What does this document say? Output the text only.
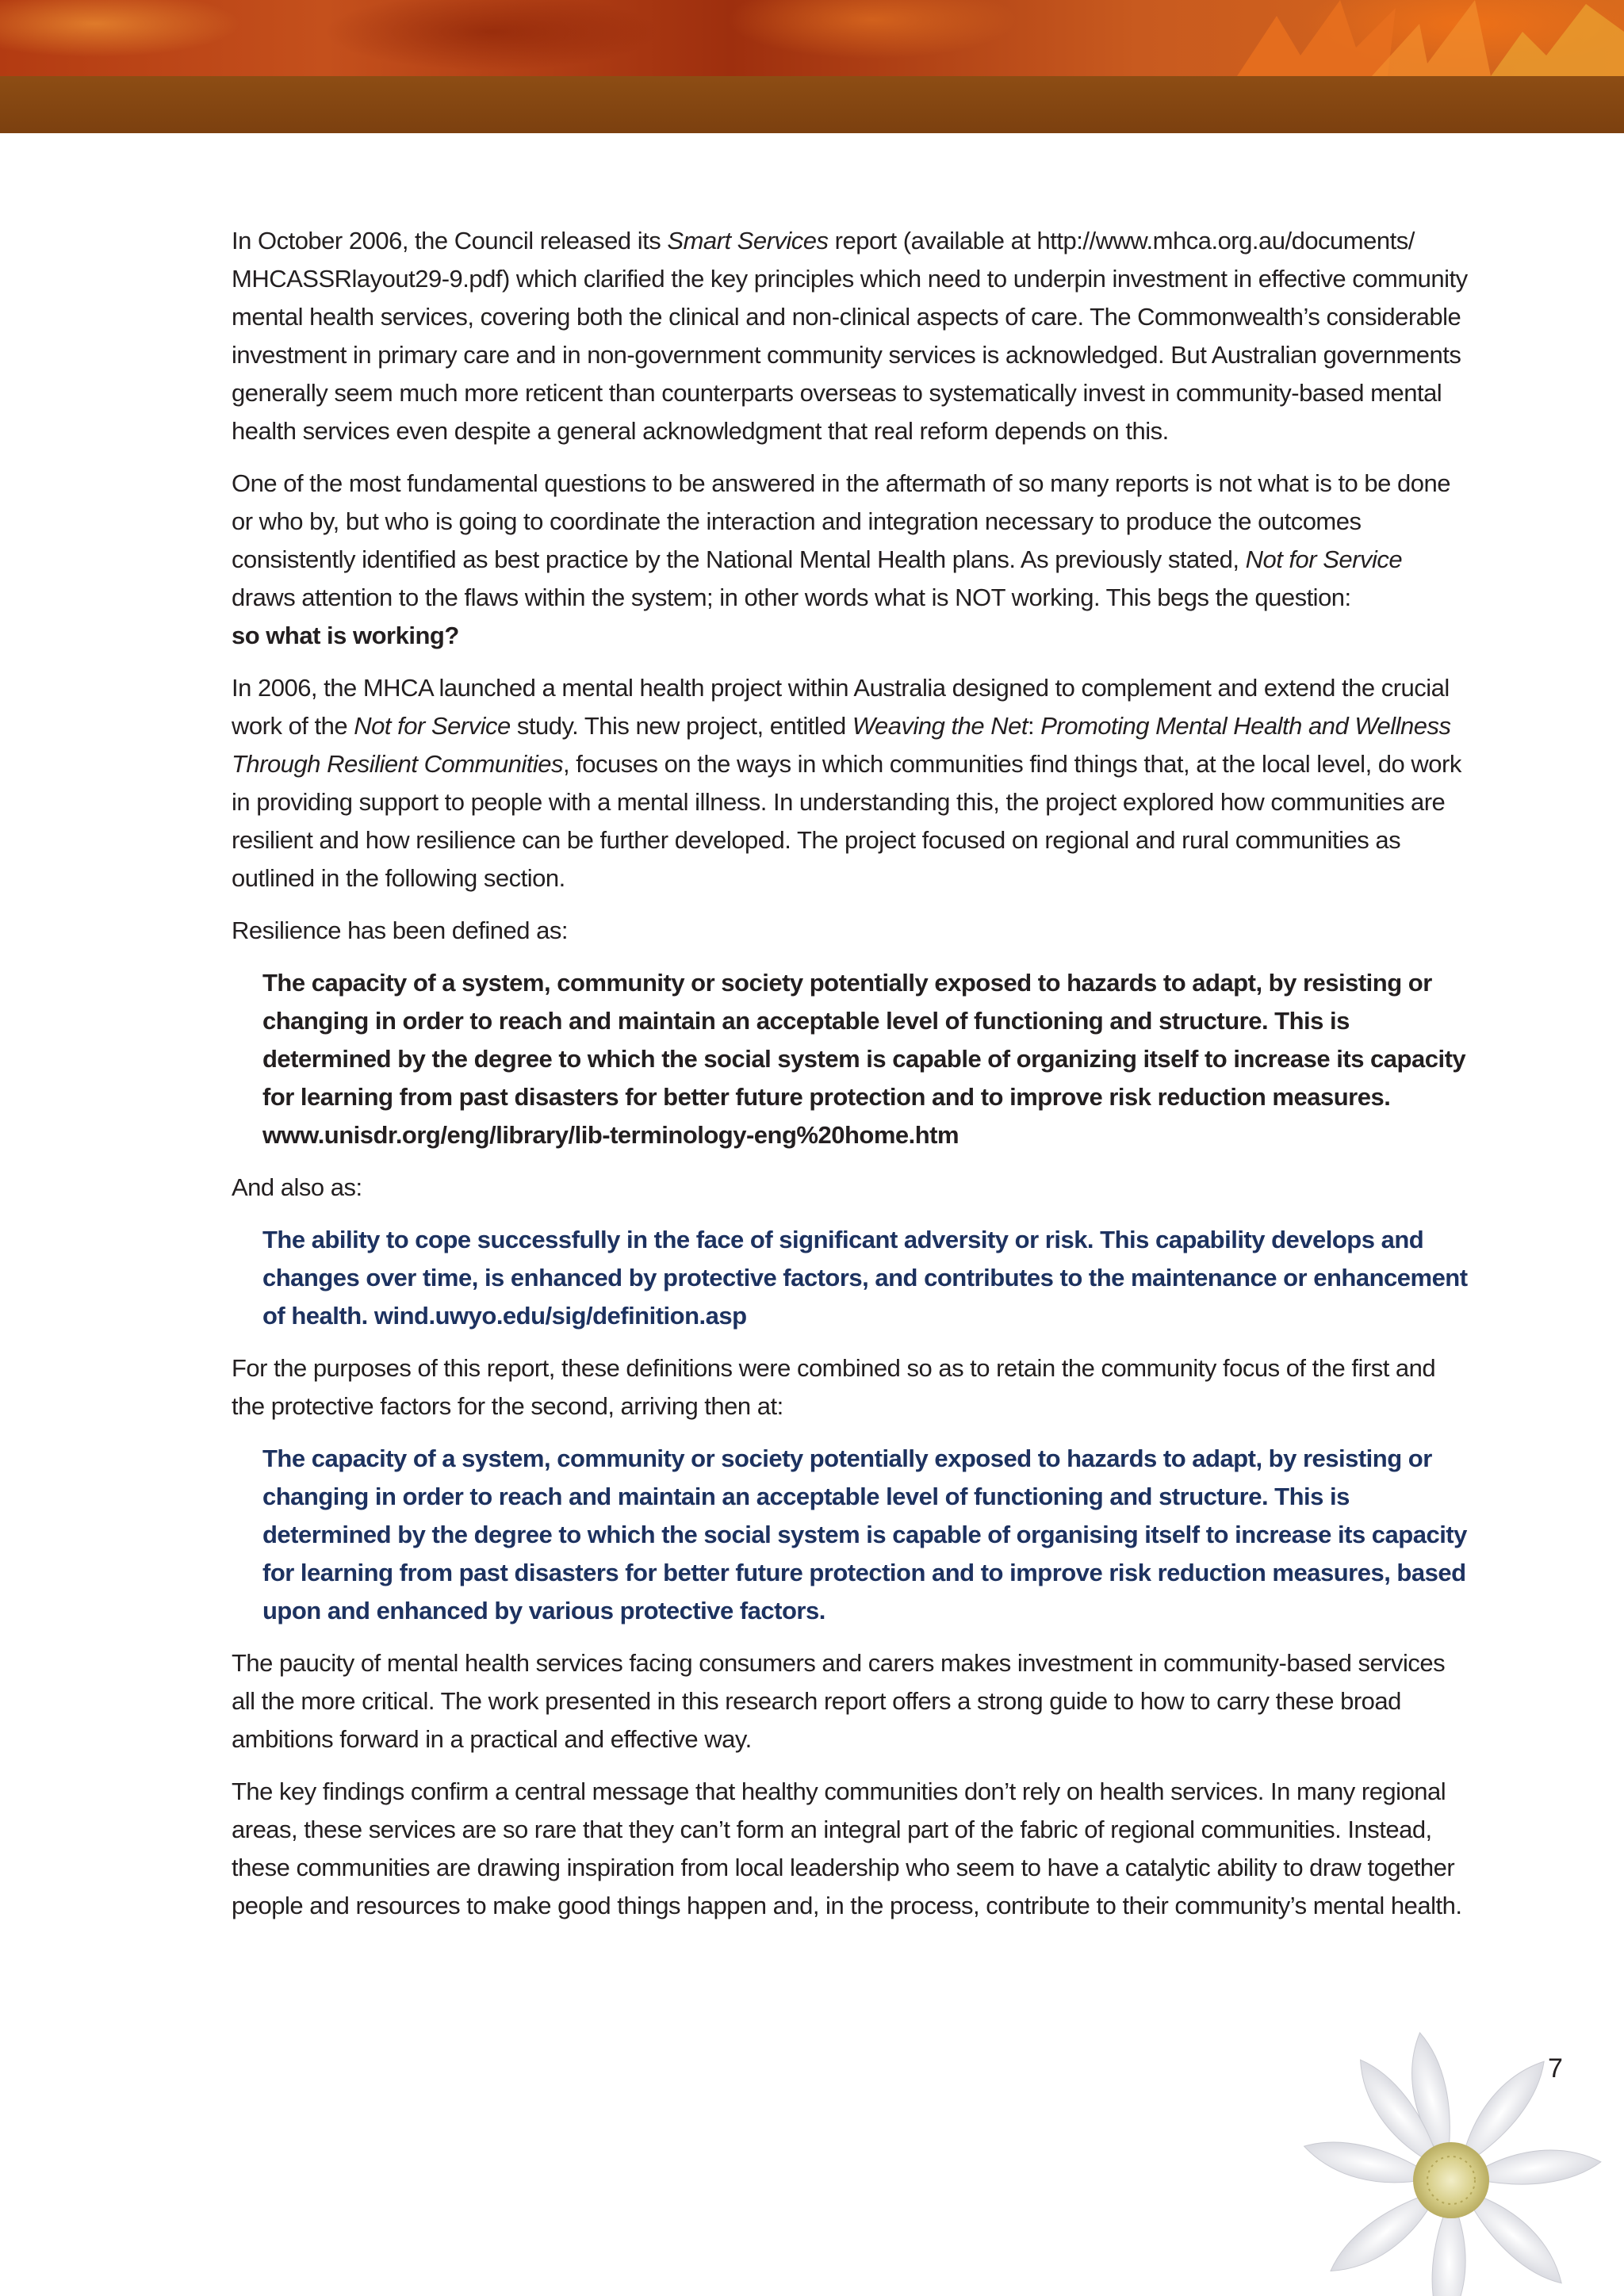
In October 2006, the Council released its Smart Services report (available at http://www.mhca.org.au/documents/ MHCASSRlayout29-9.pdf) which clarified the key principles which need to underpin investment in effective community mental health services, covering both the clinical and non-clinical aspects of care. The Commonwealth’s considerable investment in primary care and in non-government community services is acknowledged. But Australian governments generally seem much more reticent than counterparts overseas to systematically invest in community-based mental health services even despite a general acknowledgment that real reform depends on this.

One of the most fundamental questions to be answered in the aftermath of so many reports is not what is to be done or who by, but who is going to coordinate the interaction and integration necessary to produce the outcomes consistently identified as best practice by the National Mental Health plans. As previously stated, Not for Service draws attention to the flaws within the system; in other words what is NOT working. This begs the question:
so what is working?

In 2006, the MHCA launched a mental health project within Australia designed to complement and extend the crucial work of the Not for Service study. This new project, entitled Weaving the Net: Promoting Mental Health and Wellness Through Resilient Communities, focuses on the ways in which communities find things that, at the local level, do work in providing support to people with a mental illness. In understanding this, the project explored how communities are resilient and how resilience can be further developed. The project focused on regional and rural communities as outlined in the following section.

Resilience has been defined as:

The capacity of a system, community or society potentially exposed to hazards to adapt, by resisting or changing in order to reach and maintain an acceptable level of functioning and structure. This is determined by the degree to which the social system is capable of organizing itself to increase its capacity for learning from past disasters for better future protection and to improve risk reduction measures. www.unisdr.org/eng/library/lib-terminology-eng%20home.htm

And also as:

The ability to cope successfully in the face of significant adversity or risk. This capability develops and changes over time, is enhanced by protective factors, and contributes to the maintenance or enhancement of health. wind.uwyo.edu/sig/definition.asp

For the purposes of this report, these definitions were combined so as to retain the community focus of the first and the protective factors for the second, arriving then at:

The capacity of a system, community or society potentially exposed to hazards to adapt, by resisting or changing in order to reach and maintain an acceptable level of functioning and structure. This is determined by the degree to which the social system is capable of organising itself to increase its capacity for learning from past disasters for better future protection and to improve risk reduction measures, based upon and enhanced by various protective factors.

The paucity of mental health services facing consumers and carers makes investment in community-based services all the more critical. The work presented in this research report offers a strong guide to how to carry these broad ambitions forward in a practical and effective way.

The key findings confirm a central message that healthy communities don’t rely on health services. In many regional areas, these services are so rare that they can’t form an integral part of the fabric of regional communities. Instead, these communities are drawing inspiration from local leadership who seem to have a catalytic ability to draw together people and resources to make good things happen and, in the process, contribute to their community’s mental health.

7
